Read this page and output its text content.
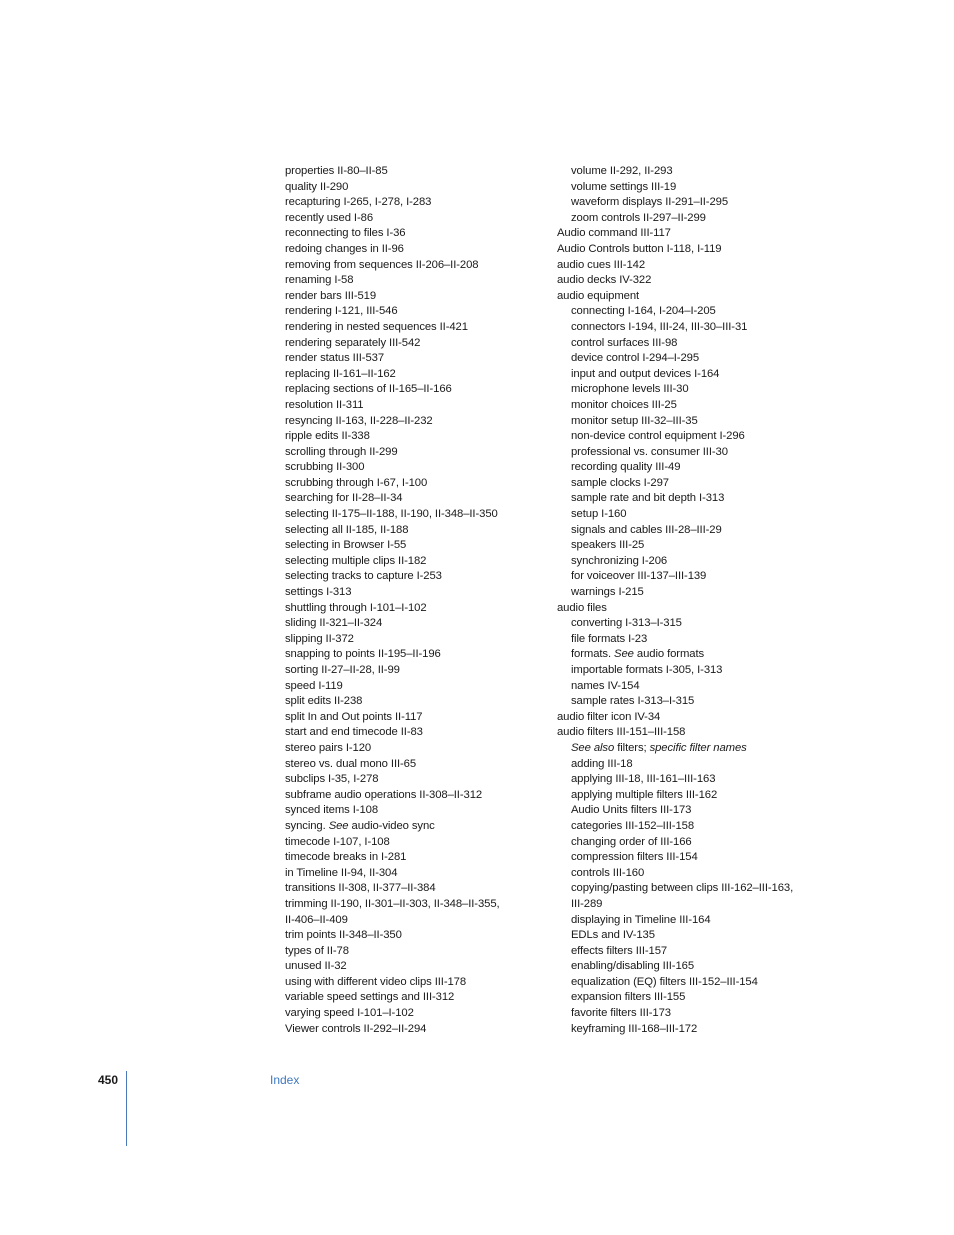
properties II-80–II-85
quality II-290
recapturing I-265, I-278, I-283
recently used I-86
reconnecting to files I-36
redoing changes in II-96
removing from sequences II-206–II-208
renaming I-58
render bars III-519
rendering I-121, III-546
rendering in nested sequences II-421
rendering separately III-542
render status III-537
replacing II-161–II-162
replacing sections of II-165–II-166
resolution II-311
resyncing II-163, II-228–II-232
ripple edits II-338
scrolling through II-299
scrubbing II-300
scrubbing through I-67, I-100
searching for II-28–II-34
selecting II-175–II-188, II-190, II-348–II-350
selecting all II-185, II-188
selecting in Browser I-55
selecting multiple clips II-182
selecting tracks to capture I-253
settings I-313
shuttling through I-101–I-102
sliding II-321–II-324
slipping II-372
snapping to points II-195–II-196
sorting II-27–II-28, II-99
speed I-119
split edits II-238
split In and Out points II-117
start and end timecode II-83
stereo pairs I-120
stereo vs. dual mono III-65
subclips I-35, I-278
subframe audio operations II-308–II-312
synced items I-108
syncing. See audio-video sync
timecode I-107, I-108
timecode breaks in I-281
in Timeline II-94, II-304
transitions II-308, II-377–II-384
trimming II-190, II-301–II-303, II-348–II-355,
II-406–II-409
trim points II-348–II-350
types of II-78
unused II-32
using with different video clips III-178
variable speed settings and III-312
varying speed I-101–I-102
Viewer controls II-292–II-294
volume II-292, II-293
volume settings III-19
waveform displays II-291–II-295
zoom controls II-297–II-299
Audio command III-117
Audio Controls button I-118, I-119
audio cues III-142
audio decks IV-322
audio equipment
connecting I-164, I-204–I-205
connectors I-194, III-24, III-30–III-31
control surfaces III-98
device control I-294–I-295
input and output devices I-164
microphone levels III-30
monitor choices III-25
monitor setup III-32–III-35
non-device control equipment I-296
professional vs. consumer III-30
recording quality III-49
sample clocks I-297
sample rate and bit depth I-313
setup I-160
signals and cables III-28–III-29
speakers III-25
synchronizing I-206
for voiceover III-137–III-139
warnings I-215
audio files
converting I-313–I-315
file formats I-23
formats. See audio formats
importable formats I-305, I-313
names IV-154
sample rates I-313–I-315
audio filter icon IV-34
audio filters III-151–III-158
See also filters; specific filter names
adding III-18
applying III-18, III-161–III-163
applying multiple filters III-162
Audio Units filters III-173
categories III-152–III-158
changing order of III-166
compression filters III-154
controls III-160
copying/pasting between clips III-162–III-163,
III-289
displaying in Timeline III-164
EDLs and IV-135
effects filters III-157
enabling/disabling III-165
equalization (EQ) filters III-152–III-154
expansion filters III-155
favorite filters III-173
keyframing III-168–III-172
450	Index
